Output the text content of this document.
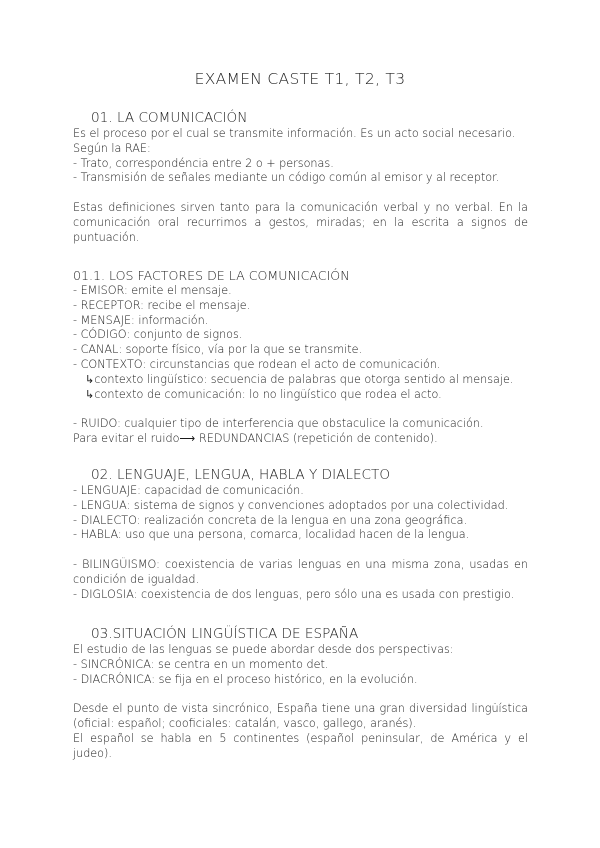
EXAMEN CASTE T1, T2, T3
01. LA COMUNICACIÓN

Es el proceso por el cual se transmite información. Es un acto social necesario.

Según la RAE:
- Trato, correspondéncia entre 2 o + personas.
- Transmisión de señales mediante un código común al emisor y al receptor.

Estas definiciones sirven tanto para la comunicación verbal y no verbal. En la comunicación oral recurrimos a gestos, miradas; en la escrita a signos de puntuación.

01.1. LOS FACTORES DE LA COMUNICACIÓN
- EMISOR: emite el mensaje.
- RECEPTOR: recibe el mensaje.
- MENSAJE: información.
- CÓDIGO: conjunto de signos.
- CANAL: soporte físico, vía por la que se transmite.
- CONTEXTO: circunstancias que rodean el acto de comunicación.
↳contexto lingüístico: secuencia de palabras que otorga sentido al mensaje.
↳contexto de comunicación: lo no lingüístico que rodea el acto.
- RUIDO: cualquier tipo de interferencia que obstaculice la comunicación.
Para evitar el ruido⟶ REDUNDANCIAS (repetición de contenido).
02. LENGUAJE, LENGUA, HABLA Y DIALECTO
- LENGUAJE: capacidad de comunicación.
- LENGUA: sistema de signos y convenciones adoptados por una colectividad.
- DIALECTO: realización concreta de la lengua en una zona geográfica.
- HABLA: uso que una persona, comarca, localidad hacen de la lengua.

- BILINGÜISMO: coexistencia de varias lenguas en una misma zona, usadas en condición de igualdad.

- DIGLOSIA: coexistencia de dos lenguas, pero sólo una es usada con prestigio.
03.SITUACIÓN LINGÜÍSTICA DE ESPAÑA
El estudio de las lenguas se puede abordar desde dos perspectivas:
- SINCRÓNICA: se centra en un momento det.
- DIACRÓNICA: se fija en el proceso histórico, en la evolución.

Desde el punto de vista sincrónico, España tiene una gran diversidad lingüística (oficial: español; cooficiales: catalán, vasco, gallego, aranés).

El español se habla en 5 continentes (español peninsular, de América y el judeo).
